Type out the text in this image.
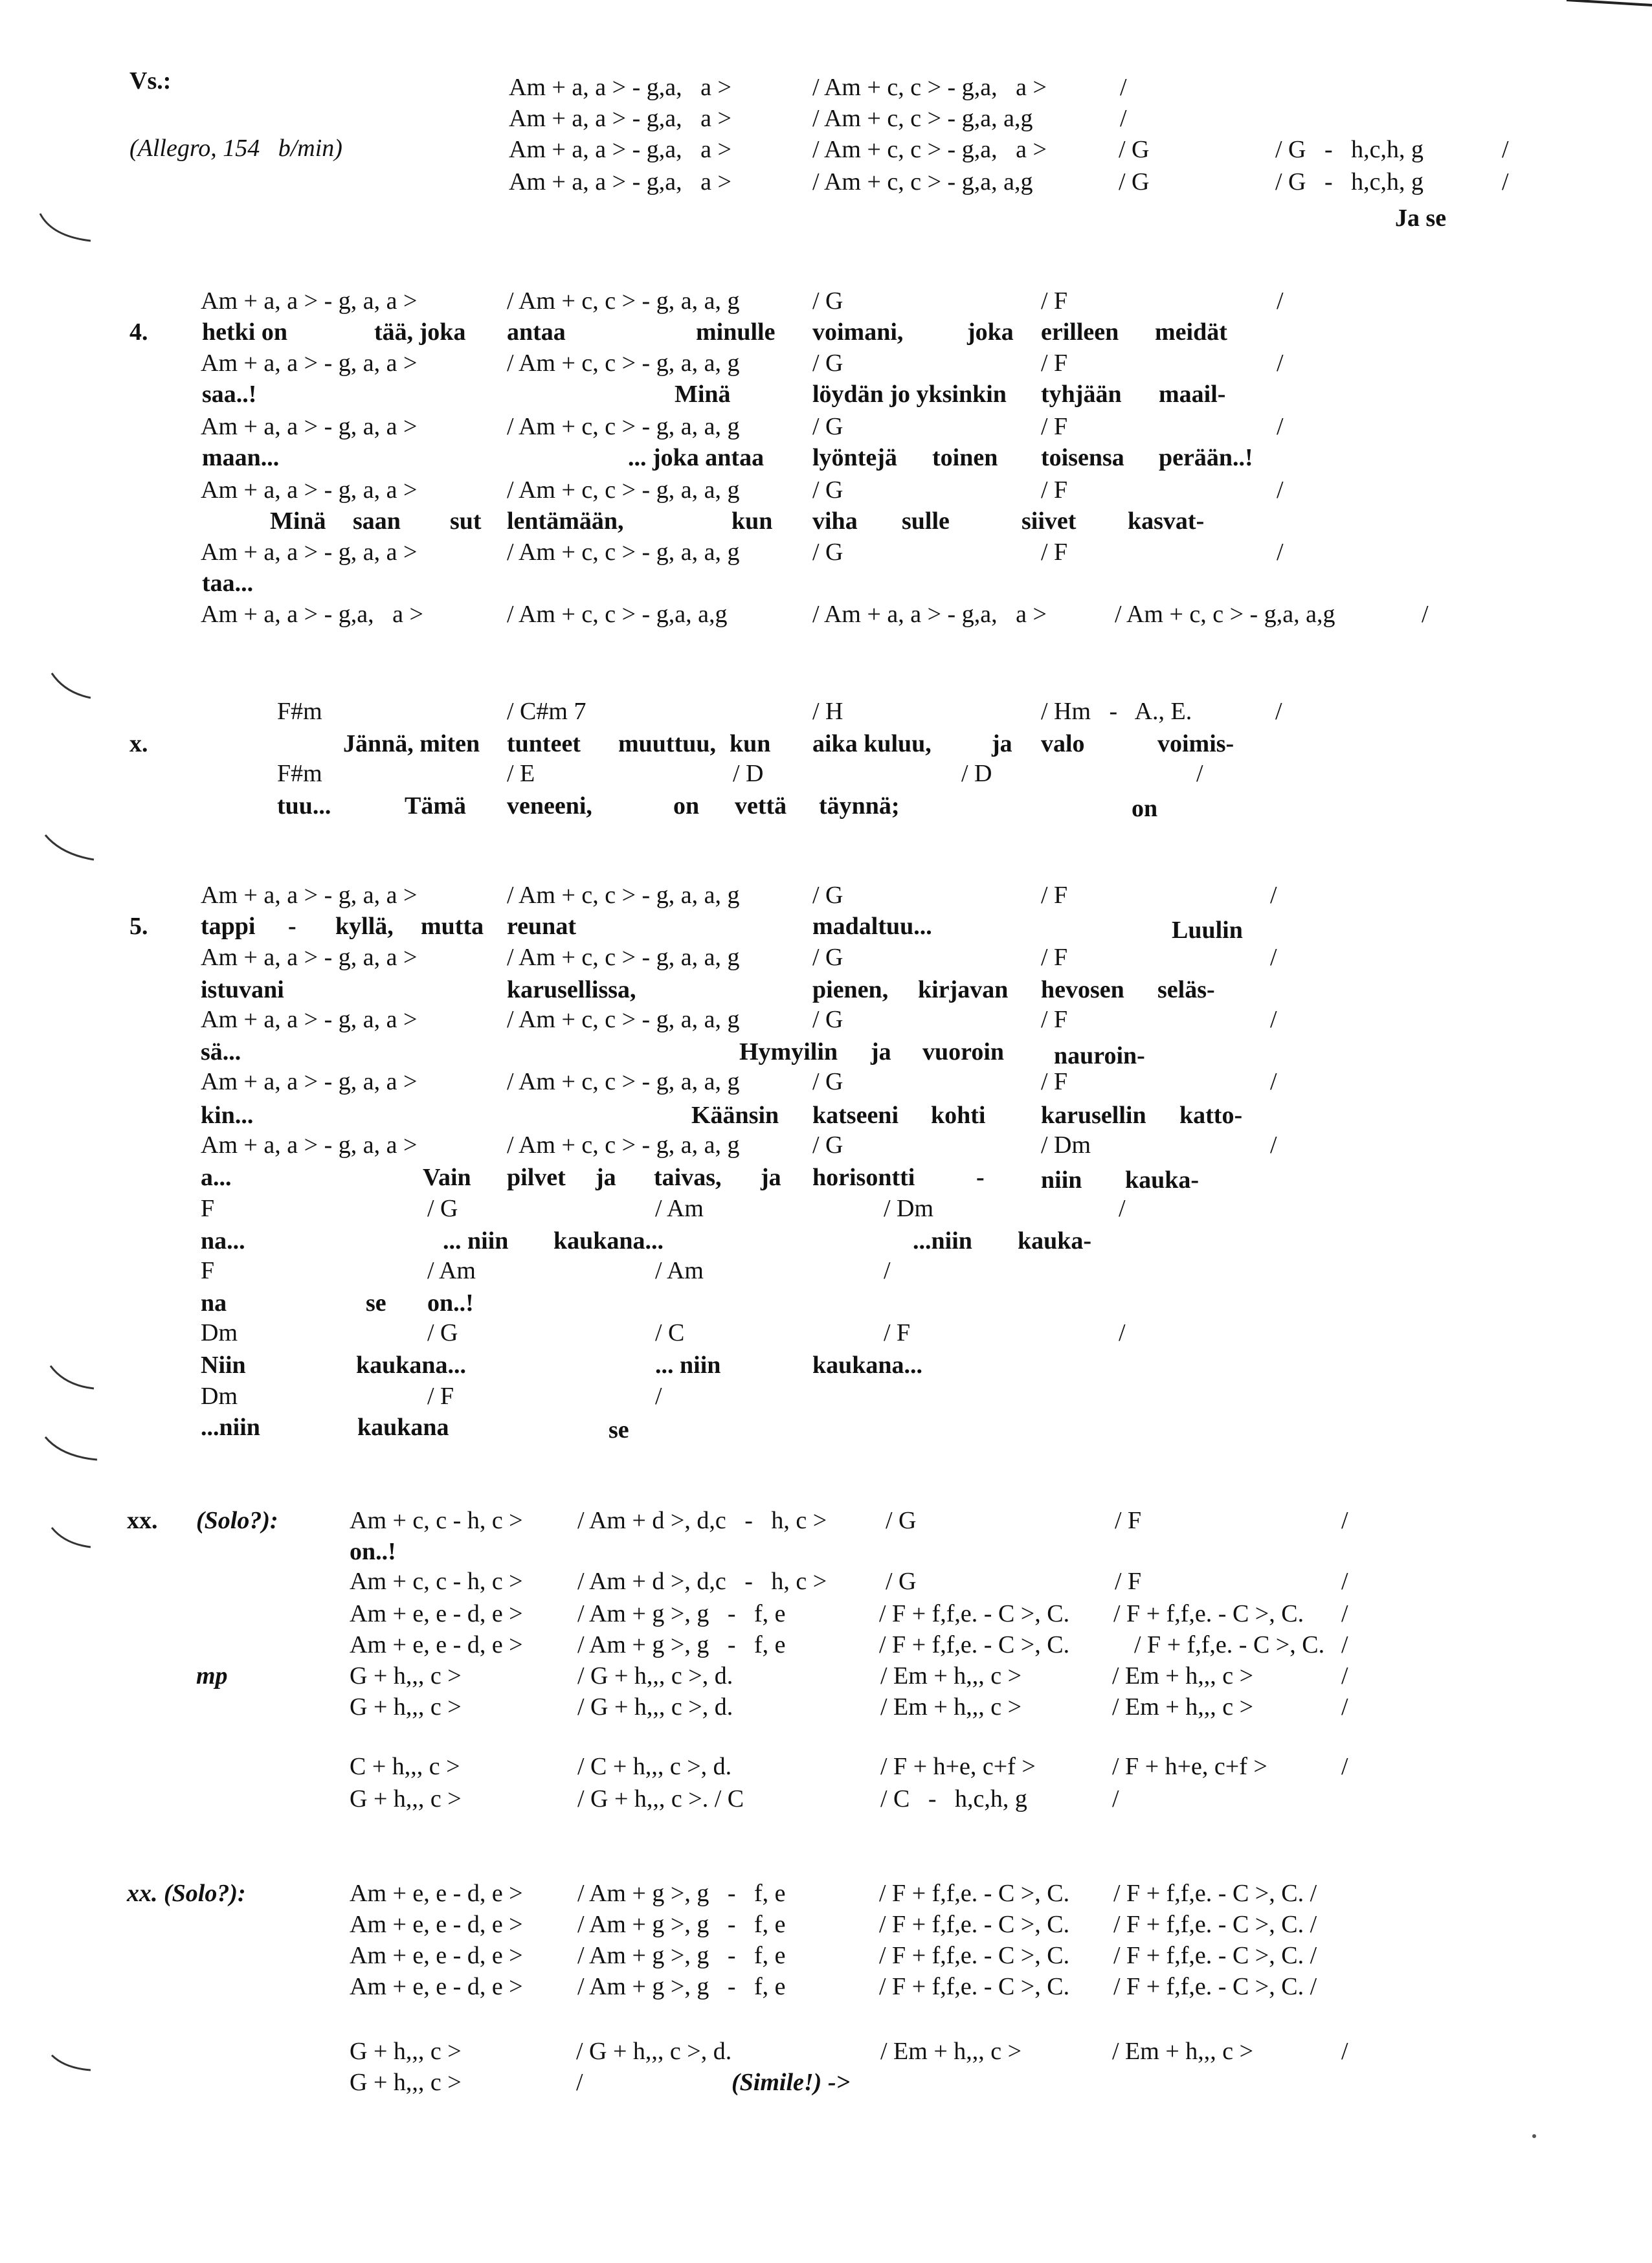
Vs.:
(Allegro, 154   b/min)
Am + a, a > - g,a,   a >	/ Am + c, c > - g,a,   a >	/
Am + a, a > - g,a,   a >	/ Am + c, c > - g,a, a,g	/
Am + a, a > - g,a,   a >	/ Am + c, c > - g,a,   a >	/ G	/ G   -   h,c,h, g	/
Am + a, a > - g,a,   a >	/ Am + c, c > - g,a, a,g	/ G	/ G   -   h,c,h, g	/
Ja se
4.
Am + a, a > - g, a, a >	/ Am + c, c > - g, a, a, g	/ G	/ F	/
hetki on	tää, joka antaa	minulle voimani,	joka erilleen meidät
Am + a, a > - g, a, a >	/ Am + c, c > - g, a, a, g	/ G	/ F	/
saa..!	Minä	löydän jo yksinkin tyhjään maail-
Am + a, a > - g, a, a >	/ Am + c, c > - g, a, a, g	/ G	/ F	/
maan...	... joka antaa lyöntejä toinen toisensa perään..!
Am + a, a > - g, a, a >	/ Am + c, c > - g, a, a, g	/ G	/ F	/
Minä saan sut lentämään,	kun viha sulle	siivet kasvat-
Am + a, a > - g, a, a >	/ Am + c, c > - g, a, a, g	/ G	/ F	/
taa...
Am + a, a > - g,a,   a >	/ Am + c, c > - g,a, a,g	/ Am + a, a > - g,a,   a >	/ Am + c, c > - g,a, a,g	/
x.
F#m	/ C#m 7	/ H	/ Hm   -   A., E.	/
Jännä, miten tunteet muuttuu, kun aika kuluu, ja valo	voimis-
F#m	/ E	/ D	/ D	/
tuu...	Tämä veneeni,	on vettä täynnä;	on
5.
Am + a, a > - g, a, a >	/ Am + c, c > - g, a, a, g	/ G	/ F	/
tappi - kyllä, mutta reunat	madaltuu...	Luulin
Am + a, a > - g, a, a >	/ Am + c, c > - g, a, a, g	/ G	/ F	/
istuvani	karusellissa,	pienen, kirjavan hevosen seläs-
Am + a, a > - g, a, a >	/ Am + c, c > - g, a, a, g	/ G	/ F	/
sä...	Hymyilin ja vuoroin nauroin-
Am + a, a > - g, a, a >	/ Am + c, c > - g, a, a, g	/ G	/ F	/
kin...	Käänsin katseeni kohti karusellin katto-
Am + a, a > - g, a, a >	/ Am + c, c > - g, a, a, g	/ G	/ Dm	/
a...	Vain pilvet ja taivas, ja horisontti - niin kauka-
F	/ G	/ Am	/ Dm	/
na...	... niin kaukana...	...niin kauka-
F	/ Am	/ Am	/
na	se on..!
Dm	/ G	/ C	/ F	/
Niin	kaukana...	... niin	kaukana...
Dm	/ F	/
...niin	kaukana	se
xx. (Solo?):
mp
Am + c, c - h, c > / Am + d >, d,c   -   h, c > / G	/ F	/
on..!
Am + c, c - h, c > / Am + d >, d,c   -   h, c > / G	/ F	/
Am + e, e - d, e > / Am + g >, g   -   f, e	/ F + f,f,e. - C >, C. / F + f,f,e. - C >, C. /
Am + e, e - d, e > / Am + g >, g   -   f, e	/ F + f,f,e. - C >, C.	/ F + f,f,e. - C >, C. /
G + h,,, c >	/ G + h,,, c >, d.	/ Em + h,,, c >	/ Em + h,,, c >	/
G + h,,, c >	/ G + h,,, c >, d.	/ Em + h,,, c >	/ Em + h,,, c >	/
C + h,,, c >	/ C + h,,, c >, d.	/ F + h+e, c+f >	/ F + h+e, c+f >	/
G + h,,, c >	/ G + h,,, c >. / C	/ C   -   h,c,h, g	/
xx. (Solo?):	Am + e, e - d, e > / Am + g >, g   -   f, e	/ F + f,f,e. - C >, C. / F + f,f,e. - C >, C. /
Am + e, e - d, e > / Am + g >, g   -   f, e	/ F + f,f,e. - C >, C. / F + f,f,e. - C >, C. /
Am + e, e - d, e > / Am + g >, g   -   f, e	/ F + f,f,e. - C >, C. / F + f,f,e. - C >, C. /
Am + e, e - d, e > / Am + g >, g   -   f, e	/ F + f,f,e. - C >, C. / F + f,f,e. - C >, C. /
G + h,,, c >	/ G + h,,, c >, d.	/ Em + h,,, c >	/ Em + h,,, c >	/
G + h,,, c >	/	(Simile!) ->
